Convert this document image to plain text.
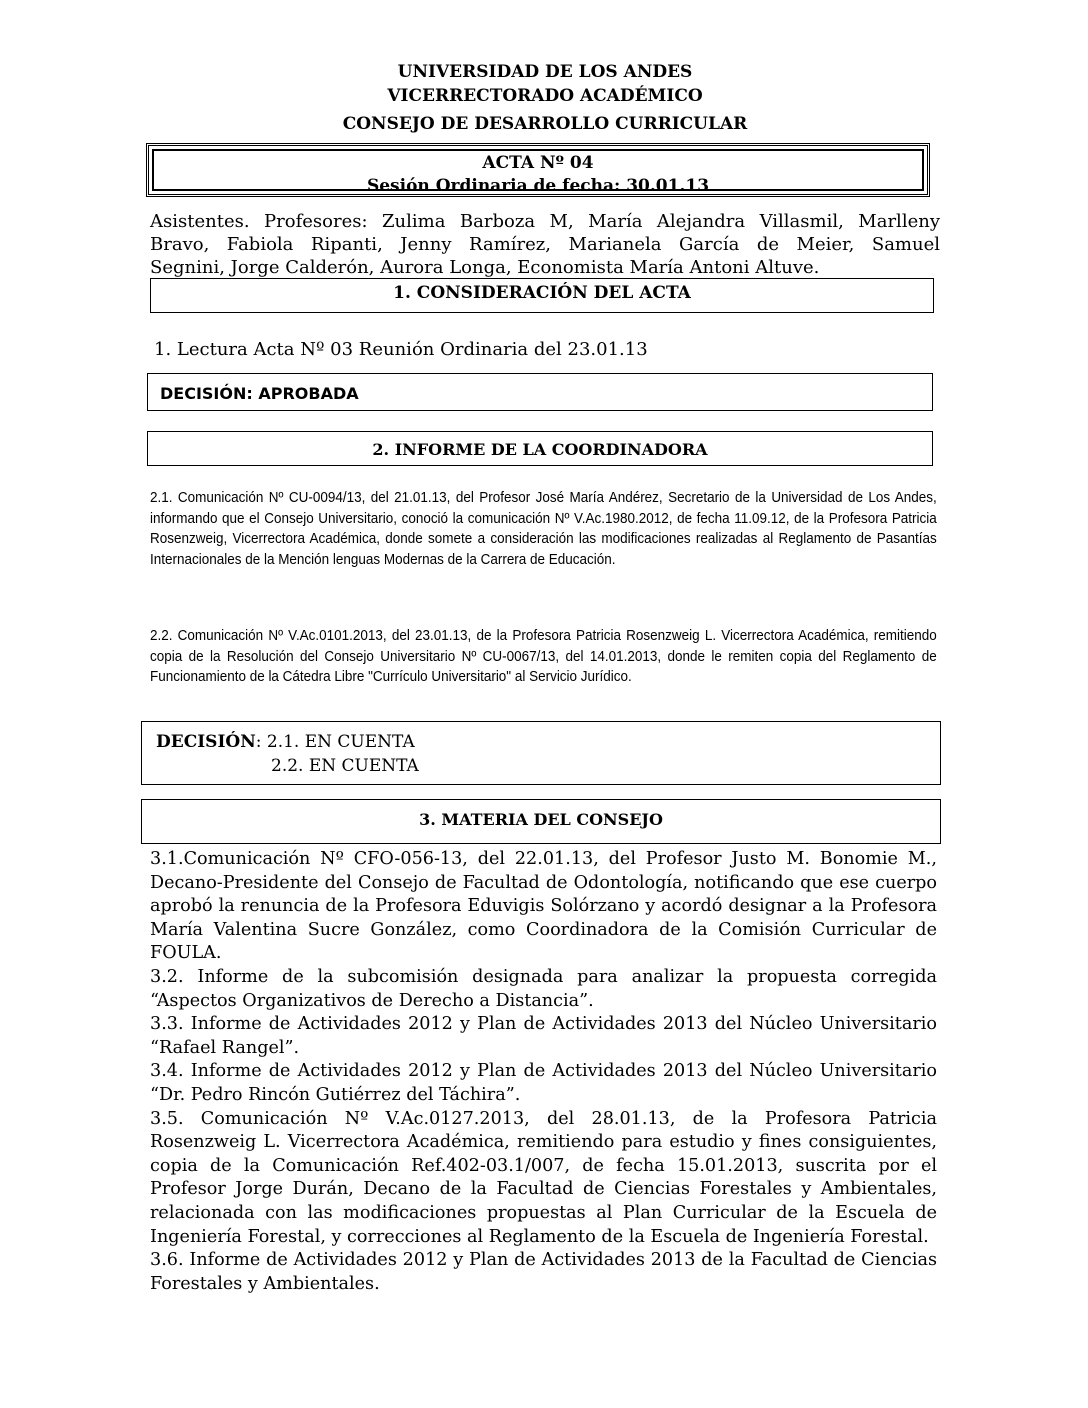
UNIVERSIDAD DE LOS ANDES
VICERRECTORADO ACADÉMICO
CONSEJO DE DESARROLLO CURRICULAR
ACTA Nº 04
Sesión Ordinaria de fecha: 30.01.13
Asistentes. Profesores: Zulima Barboza M, María Alejandra Villasmil, Marlleny
Bravo, Fabiola Ripanti, Jenny Ramírez, Marianela García de Meier, Samuel
Segnini, Jorge Calderón, Aurora Longa, Economista María Antoni Altuve.
1. CONSIDERACIÓN DEL ACTA
1. Lectura Acta Nº 03 Reunión Ordinaria del 23.01.13
DECISIÓN: APROBADA
2. INFORME DE LA COORDINADORA
2.1. Comunicación Nº CU-0094/13, del 21.01.13, del Profesor José María Andérez, Secretario de la Universidad de Los Andes, informando que el Consejo Universitario, conoció la comunicación Nº V.Ac.1980.2012, de fecha 11.09.12, de la Profesora Patricia Rosenzweig, Vicerrectora Académica, donde somete a consideración las modificaciones realizadas al Reglamento de Pasantías Internacionales de la Mención lenguas Modernas de la Carrera de Educación.
2.2. Comunicación Nº V.Ac.0101.2013, del 23.01.13, de la Profesora Patricia Rosenzweig L. Vicerrectora Académica, remitiendo copia de la Resolución del Consejo Universitario Nº CU-0067/13, del 14.01.2013, donde le remiten copia del Reglamento de Funcionamiento de la Cátedra Libre "Currículo Universitario" al Servicio Jurídico.
DECISIÓN: 2.1. EN CUENTA
2.2. EN CUENTA
3. MATERIA DEL CONSEJO

3.1.Comunicación Nº CFO-056-13, del 22.01.13, del Profesor Justo M. Bonomie M., Decano-Presidente del Consejo de Facultad de Odontología, notificando que ese cuerpo aprobó la renuncia de la Profesora Eduvigis Solórzano y acordó designar a la Profesora María Valentina Sucre González, como Coordinadora de la Comisión Curricular de FOULA.

3.2. Informe de la subcomisión designada para analizar la propuesta corregida “Aspectos Organizativos de Derecho a Distancia”.

3.3. Informe de Actividades 2012 y Plan de Actividades 2013 del Núcleo Universitario “Rafael Rangel”.

3.4. Informe de Actividades 2012 y Plan de Actividades 2013 del Núcleo Universitario “Dr. Pedro Rincón Gutiérrez del Táchira”.

3.5. Comunicación Nº V.Ac.0127.2013, del 28.01.13, de la Profesora Patricia Rosenzweig L. Vicerrectora Académica, remitiendo para estudio y fines consiguientes, copia de la Comunicación Ref.402-03.1/007, de fecha 15.01.2013, suscrita por el Profesor Jorge Durán, Decano de la Facultad de Ciencias Forestales y Ambientales, relacionada con las modificaciones propuestas al Plan Curricular de la Escuela de Ingeniería Forestal, y correcciones al Reglamento de la Escuela de Ingeniería Forestal.

3.6. Informe de Actividades 2012 y Plan de Actividades 2013 de la Facultad de Ciencias Forestales y Ambientales.
